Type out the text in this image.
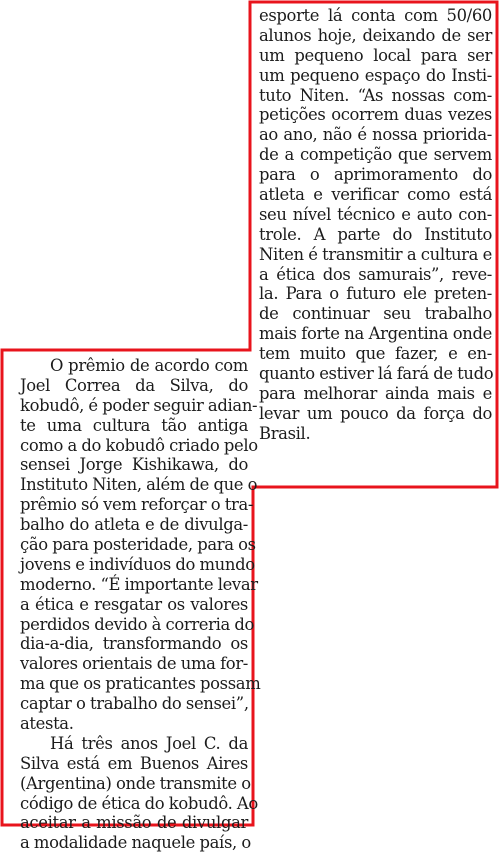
esporte lá conta com 50/60
alunos hoje, deixando de ser
um pequeno local para ser
um pequeno espaço do Insti-
tuto Niten. “As nossas com-
petições ocorrem duas vezes
ao ano, não é nossa priorida-
de a competição que servem
para o aprimoramento do
atleta e verificar como está
seu nível técnico e auto con-
trole. A parte do Instituto
Niten é transmitir a cultura e
a ética dos samurais”, reve-
la. Para o futuro ele preten-
de continuar seu trabalho
mais forte na Argentina onde
tem muito que fazer, e en-
quanto estiver lá fará de tudo
para melhorar ainda mais e
levar um pouco da força do
Brasil.
O prêmio de acordo com
Joel Correa da Silva, do
kobudô, é poder seguir adian-
te uma cultura tão antiga
como a do kobudô criado pelo
sensei Jorge Kishikawa, do
Instituto Niten, além de que o
prêmio só vem reforçar o tra-
balho do atleta e de divulga-
ção para posteridade, para os
jovens e indivíduos do mundo
moderno. “É importante levar
a ética e resgatar os valores
perdidos devido à correria do
dia-a-dia, transformando os
valores orientais de uma for-
ma que os praticantes possam
captar o trabalho do sensei”,
atesta.
Há três anos Joel C. da
Silva está em Buenos Aires
(Argentina) onde transmite o
código de ética do kobudô. Ao
aceitar a missão de divulgar
a modalidade naquele país, o
